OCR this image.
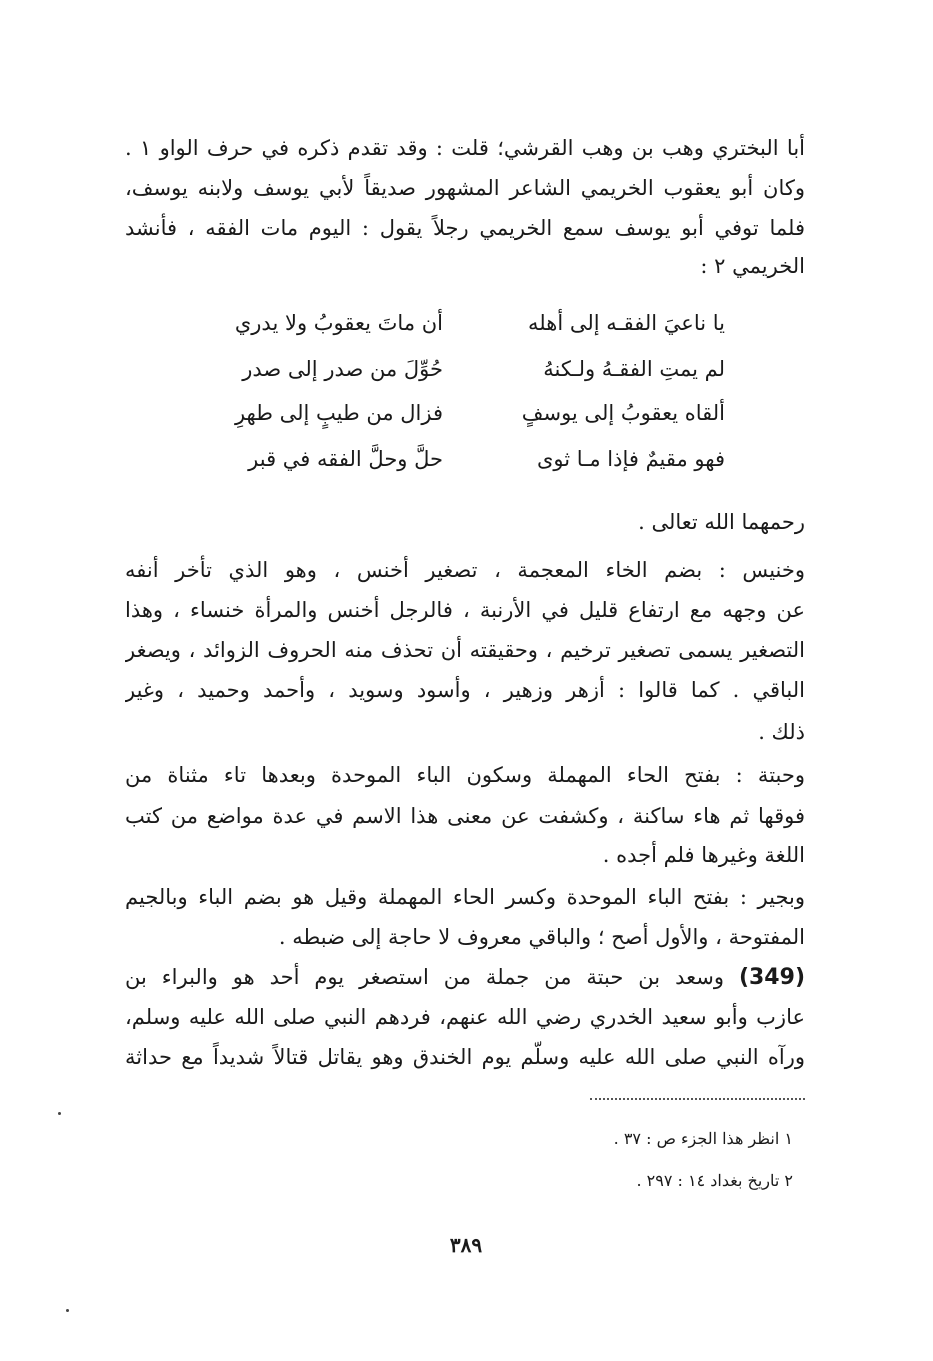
أبا البختري وهب بن وهب القرشي؛ قلت : وقد تقدم ذكره في حرف الواو ١ .
وكان أبو يعقوب الخريمي الشاعر المشهور صديقاً لأبي يوسف ولابنه يوسف،
فلما توفي أبو يوسف سمع الخريمي رجلاً يقول : اليوم مات الفقه ، فأنشد
الخريمي ٢ :
يا ناعيَ الفقـه إلى أهله
أن ماتَ يعقوبُ ولا يدري
لم يمتِ الفقـهُ ولـكنهُ
حُوِّلَ من صدر إلى صدر
ألقاه يعقوبُ إلى يوسفٍ
فزال من طيبٍ إلى طهرِ
فهو مقيمٌ فإذا مـا ثوى
حلَّ وحلَّ الفقه في قبر
رحمهما الله تعالى .
وخنيس : بضم الخاء المعجمة ، تصغير أخنس ، وهو الذي تأخر أنفه
عن وجهه مع ارتفاع قليل في الأرنبة ، فالرجل أخنس والمرأة خنساء ، وهذا
التصغير يسمى تصغير ترخيم ، وحقيقته أن تحذف منه الحروف الزوائد ، ويصغر
الباقي . كما قالوا : أزهر وزهير ، وأسود وسويد ، وأحمد وحميد ، وغير
ذلك .
وحبتة : بفتح الحاء المهملة وسكون الباء الموحدة وبعدها تاء مثناة من
فوقها ثم هاء ساكنة ، وكشفت عن معنى هذا الاسم في عدة مواضع من كتب
اللغة وغيرها فلم أجده .
وبجير : بفتح الباء الموحدة وكسر الحاء المهملة وقيل هو بضم الباء وبالجيم
المفتوحة ، والأول أصح ؛ والباقي معروف لا حاجة إلى ضبطه .
(349) وسعد بن حبتة من جملة من استصغر يوم أحد هو والبراء بن
عازب وأبو سعيد الخدري رضي الله عنهم، فردهم النبي صلى الله عليه وسلم،
ورآه النبي صلى الله عليه وسلّم يوم الخندق وهو يقاتل قتالاً شديداً مع حداثة
١ انظر هذا الجزء ص : ٣٧ .
٢ تاريخ بغداد ١٤ : ٢٩٧ .
٣٨٩
